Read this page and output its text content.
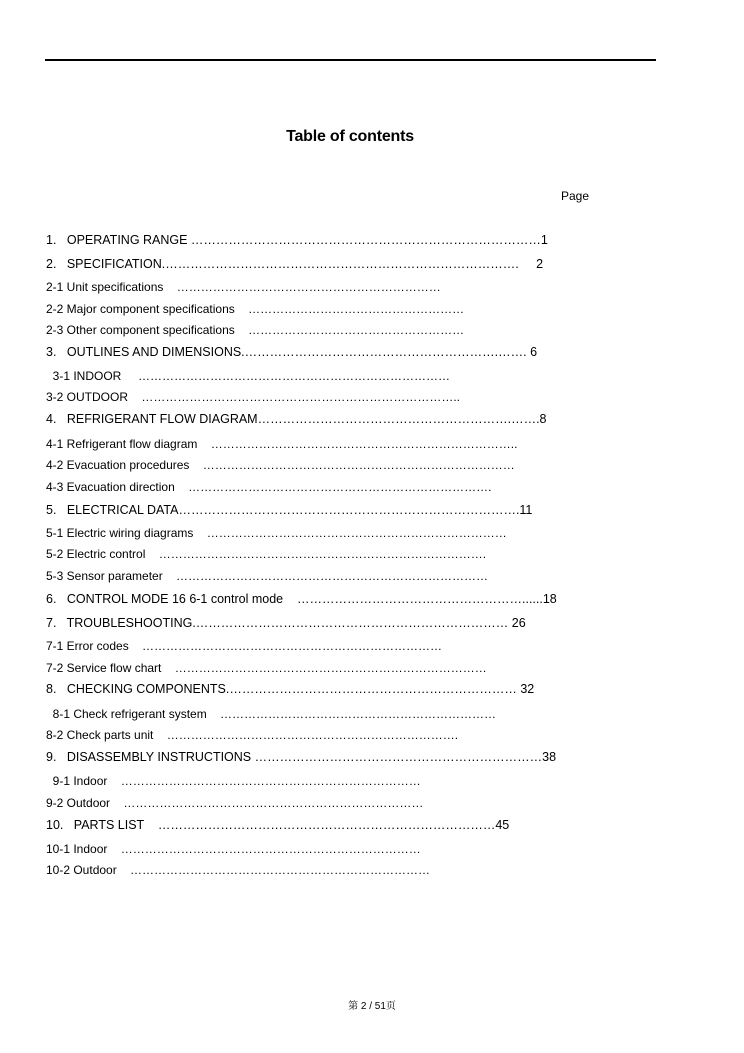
Table of contents
Page
1.   OPERATING RANGE …………………………………………………………………………1
2.   SPECIFICATION.………………………………………………………………………….     2
2-1 Unit specifications    …………………………………………………………
2-2 Major component specifications    ………………………………………………
2-3 Other component specifications    ………………………………………………
3.   OUTLINES AND DIMENSIONS.…………………………………………………….……. 6
3-1 INDOOR     ……………………………………………………………………
3-2 OUTDOOR    ……………………………………………………………………..
4.   REFRIGERANT FLOW DIAGRAM…………………………………………………….…….8
4-1 Refrigerant flow diagram    …………………………………………………………………..
4-2 Evacuation procedures    ……………………………………………………………………
4-3 Evacuation direction    ………………………………………………………………….
5.   ELECTRICAL DATA……………………………………………………………………….11
5-1 Electric wiring diagrams    …………………………………………………………………
5-2 Electric control    ……………………………………………………………………….
5-3 Sensor parameter    ……………………………………………………………………
6.   CONTROL MODE 16 6-1 control mode    ………………………………………………......18
7.   TROUBLESHOOTING.………………………………………………………………… 26
7-1 Error codes    …………………………………………………………………
7-2 Service flow chart    ……………………………………………………………………
8.   CHECKING COMPONENTS.…………………………………………………………… 32
8-1 Check refrigerant system    ……………………………………………………………
8-2 Check parts unit    ……………………………………………………………….
9.   DISASSEMBLY INSTRUCTIONS ……………………………………………………………38
9-1 Indoor    …………………………………………………………………
9-2 Outdoor    …………………………………………………………………
10.   PARTS LIST    ………………………………………………………………………45
10-1 Indoor    …………………………………………………………………
10-2 Outdoor    …………………………………………………………………
第 2 / 51页
